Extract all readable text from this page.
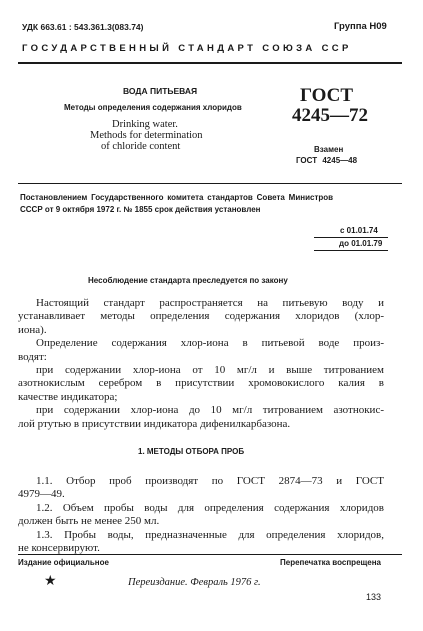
УДК 663.61 : 543.361.3(083.74)	Группа Н09
ГОСУДАРСТВЕННЫЙ СТАНДАРТ СОЮЗА ССР
ВОДА ПИТЬЕВАЯ
Методы определения содержания хлоридов
Drinking water.
Methods for determination
of chloride content
ГОСТ
4245—72
Взамен
ГОСТ 4245—48
Постановлением Государственного комитета стандартов Совета Министров
СССР от 9 октября 1972 г. № 1855 срок действия установлен
с 01.01.74
до 01.01.79
Несоблюдение стандарта преследуется по закону
Настоящий стандарт распространяется на питьевую воду и
устанавливает методы определения содержания хлоридов (хлор-
иона).
Определение содержания хлор-иона в питьевой воде произ-
водят:
при содержании хлор-иона от 10 мг/л и выше титрованием
азотнокислым серебром в присутствии хромовокислого калия в
качестве индикатора;
при содержании хлор-иона до 10 мг/л титрованием азотнокис-
лой ртутью в присутствии индикатора дифенилкарбазона.
1. МЕТОДЫ ОТБОРА ПРОБ
1.1. Отбор проб производят по ГОСТ 2874—73 и ГОСТ
4979—49.
1.2. Объем пробы воды для определения содержания хлоридов
должен быть не менее 250 мл.
1.3. Пробы воды, предназначенные для определения хлоридов,
не консервируют.
Издание официальное	Перепечатка воспрещена
★	Переиздание. Февраль 1976 г.
133
